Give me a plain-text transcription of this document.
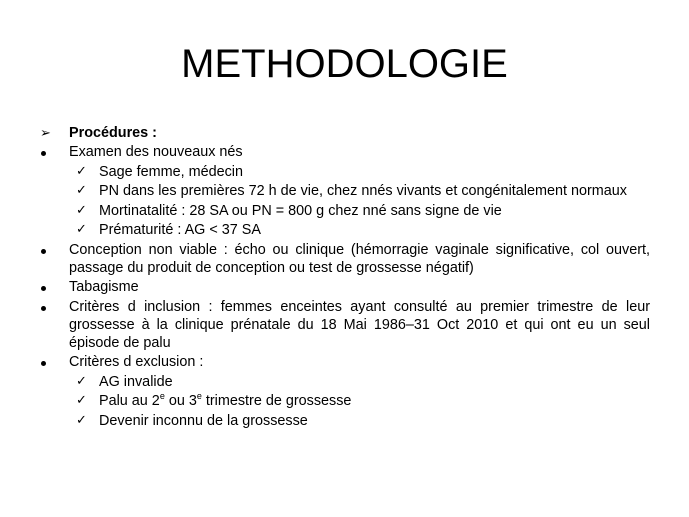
METHODOLOGIE
➢	Procédures :
Examen des nouveaux nés
✓ Sage femme, médecin
✓ PN dans les premières 72 h de vie, chez nnés vivants et congénitalement normaux
✓ Mortinatalité : 28 SA ou PN = 800 g chez nné sans signe de vie
✓ Prématurité : AG < 37 SA
Conception non viable : écho ou clinique (hémorragie vaginale significative, col ouvert, passage du produit de conception ou test de grossesse négatif)
Tabagisme
Critères d inclusion : femmes enceintes ayant consulté au premier trimestre de leur grossesse à la clinique prénatale du 18 Mai 1986–31 Oct 2010 et qui ont eu un seul épisode de palu
Critères d exclusion :
✓ AG invalide
✓ Palu au 2e ou 3e trimestre de grossesse
✓ Devenir inconnu de la grossesse
